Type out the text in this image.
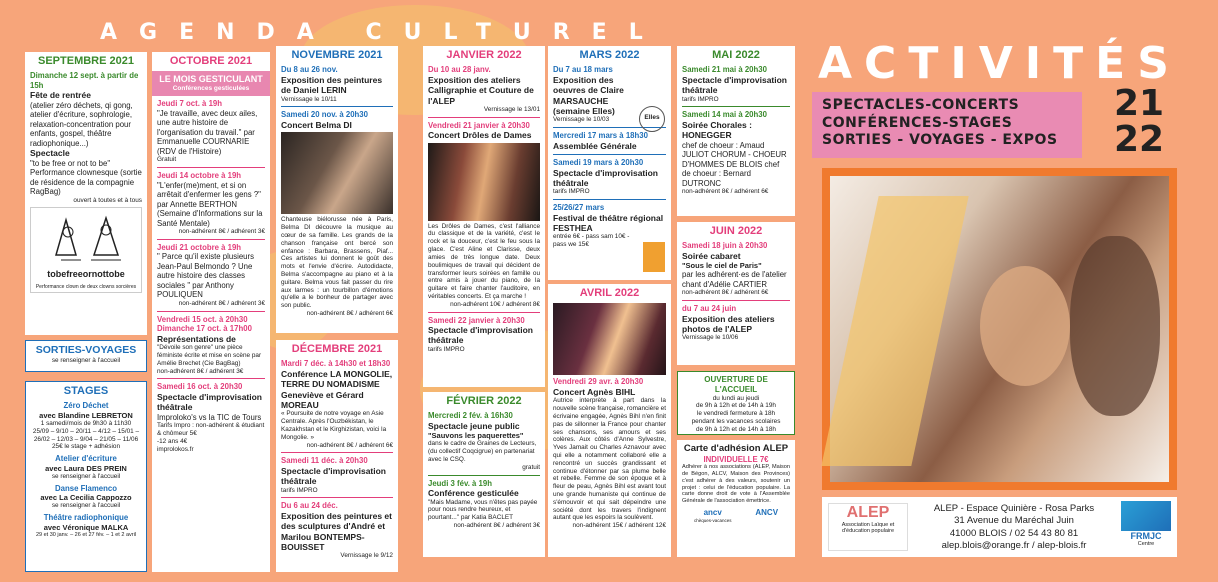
AGENDA CULTUREL
SEPTEMBRE 2021
Dimanche 12 sept. à partir de 15h
Fête de rentrée
(atelier zéro déchets, qi gong, atelier d'écriture, sophrologie, relaxation-concentration pour enfants, gospel, théâtre radiophonique...)
Spectacle
"to be free or not to be"
Performance clownesque (sortie de résidence de la compagnie RagBag)
ouvert à toutes et à tous
tobefreeornottobe
Performance clown de deux clowns sorcières
SORTIES-VOYAGES
se renseigner à l'accueil
STAGES
Zéro Déchet
avec Blandine LEBRETON
1 samedi/mois de 9h30 à 11h30
25/09 – 9/10 – 20/11 – 4/12 – 15/01 – 26/02 – 12/03 – 9/04 – 21/05 – 11/06
25€ le stage + adhésion
Atelier d'écriture
avec Laura DES PREIN
se renseigner à l'accueil
Danse Flamenco
avec La Cecilia Cappozzo
se renseigner à l'accueil
Théâtre radiophonique
avec Véronique MALKA
29 et 30 janv. – 26 et 27 fév. – 1 et 2 avril
OCTOBRE 2021
LE MOIS GESTICULANT
Conférences gesticulées
Jeudi 7 oct. à 19h
"Je travaille, avec deux ailes, une autre histoire de l'organisation du travail." par Emmanuelle COURNARIE (RDV de l'Histoire)
Gratuit
Jeudi 14 octobre à 19h
"L'enfer(me)ment, et si on arrêtait d'enfermer les gens ?" par Annette BERTHON (Semaine d'Informations sur la Santé Mentale)
non-adhérent 8€ / adhérent 3€
Jeudi 21 octobre à 19h
" Parce qu'il existe plusieurs Jean-Paul Belmondo ? Une autre histoire des classes sociales " par Anthony POULIQUEN
non-adhérent 8€ / adhérent 3€
Vendredi 15 oct. à 20h30 Dimanche 17 oct. à 17h00
Représentations de
"Dévoile son genre" une pièce féministe écrite et mise en scène par Amélie Brechet (Cie BagBag)
non-adhérent 8€ / adhérent 3€
Samedi 16 oct. à 20h30
Spectacle d'improvisation théâtrale
Improloko's vs la TIC de Tours
Tarifs Impro : non-adhérent & étudiant & chômeur 5€
-12 ans 4€
improlokos.fr
NOVEMBRE 2021
Du 8 au 26 nov.
Exposition des peintures de Daniel LERIN
Vernissage le 10/11
Samedi 20 nov. à 20h30
Concert Belma DI
Chanteuse biélorusse née à Paris, Belma DI découvre la musique au cœur de sa famille. Les grands de la chanson française ont bercé son enfance : Barbara, Brassens, Piaf... Ces artistes lui donnent le goût des mots et l'envie d'écrire. Autodidacte, Belma s'accompagne au piano et à la guitare. Belma vous fait passer du rire aux larmes : un tourbillon d'émotions qu'elle a le bonheur de partager avec son public.
non-adhérent 8€ / adhérent 6€
DÉCEMBRE 2021
Mardi 7 déc. à 14h30 et 18h30
Conférence LA MONGOLIE, TERRE DU NOMADISME Geneviève et Gérard MOREAU
« Poursuite de notre voyage en Asie Centrale. Après l'Ouzbékistan, le Kazakhstan et le Kirghizistan, voici la Mongolie. »
non-adhérent 8€ / adhérent 6€
Samedi 11 déc. à 20h30
Spectacle d'improvisation théâtrale
tarifs IMPRO
Du 6 au 24 déc.
Exposition des peintures et des sculptures d'André et Marilou BONTEMPS-BOUISSET
Vernissage le 9/12
JANVIER 2022
Du 10 au 28 janv.
Exposition des ateliers Calligraphie et Couture de l'ALEP
Vernissage le 13/01
Vendredi 21 janvier à 20h30
Concert Drôles de Dames
Les Drôles de Dames, c'est l'alliance du classique et de la variété, c'est le rock et la douceur, c'est le feu sous la glace. C'est Aline et Clarisse, deux amies de très longue date. Deux boulimiques de travail qui décident de transformer leurs soirées en famille ou entre amis à jouer du piano, de la guitare et faire chanter l'auditoire, en véritables concerts. Et ça marche !
non-adhérent 10€ / adhérent 8€
Samedi 22 janvier à 20h30
Spectacle d'improvisation théâtrale
tarifs IMPRO
FÉVRIER 2022
Mercredi 2 fév. à 16h30
Spectacle jeune public
"Sauvons les paquerettes"
dans le cadre de Graines de Lecteurs, (du collectif Coqcigrue) en partenariat avec le CSQ.
gratuit
Jeudi 3 fév. à 19h
Conférence gesticulée
"Mais Madame, vous n'êtes pas payée pour nous rendre heureux, et pourtant..." par Katia BACLET
non-adhérent 8€ / adhérent 3€
MARS 2022
Du 7 au 18 mars
Exposition des oeuvres de Claire MARSAUCHE (semaine Elles)
Vernissage le 10/03	Elles
Mercredi 17 mars à 18h30
Assemblée Générale
Samedi 19 mars à 20h30
Spectacle d'improvisation théâtrale
tarifs IMPRO
25/26/27 mars
Festival de théâtre régional FESTHEA
entrée 6€ - pass sam 10€ - pass we 15€
AVRIL 2022
Vendredi 29 avr. à 20h30
Concert Agnès BIHL
Autrice interprète à part dans la nouvelle scène française, romancière et écrivaine engagée, Agnès Bihl n'en finit pas de sillonner la France pour chanter ses chansons, ses amours et ses colères. Aux côtés d'Anne Sylvestre, Yves Jamait ou Charles Aznavour avec qui elle a notamment collaboré elle a rencontré un succès grandissant et continue d'étonner par sa plume belle et rebelle. Femme de son époque et à fleur de peau, Agnès Bihl est avant tout une grande humaniste qui continue de s'émouvoir et qui sait dépeindre une société dont les travers l'indignent autant que les espoirs la soulèvent.
non-adhérent 15€ / adhérent 12€
MAI 2022
Samedi 21 mai à 20h30
Spectacle d'improvisation théâtrale
tarifs IMPRO
Samedi 14 mai à 20h30
Soirée Chorales : HONEGGER
chef de choeur : Amaud JULIOT CHORUM - CHOEUR D'HOMMES DE BLOIS chef de choeur : Bernard DUTRONC
non-adhérent 8€ / adhérent 6€
JUIN 2022
Samedi 18 juin à 20h30
Soirée cabaret
"Sous le ciel de Paris"
par les adhérent·es de l'atelier chant d'Adélie CARTIER
non-adhérent 8€ / adhérent 6€
du 7 au 24 juin
Exposition des ateliers photos de l'ALEP
Vernissage le 10/06
OUVERTURE DE L'ACCUEIL
du lundi au jeudi
de 9h à 12h et de 14h à 19h
le vendredi fermeture à 18h
pendant les vacances scolaires
de 9h à 12h et de 14h à 18h
Carte d'adhésion ALEP
INDIVIDUELLE 7€
Adhérer à nos associations (ALEP, Maison de Bégon, ALCV, Maison des Provinces) c'est adhérer à des valeurs, soutenir un projet : celui de l'éducation populaire. La carte donne droit de vote à l'Assemblée Générale de l'association émettrice.
ancv
chèques-vacances
ANCV
ACTIVITÉS
SPECTACLES-CONCERTS
CONFÉRENCES-STAGES
SORTIES - VOYAGES - EXPOS
21
22
ALEP
Association Laïque et d'éducation populaire
ALEP - Espace Quinière - Rosa Parks
31 Avenue du Maréchal Juin
41000 BLOIS / 02 54 43 80 81
alep.blois@orange.fr / alep-blois.fr
FRMJC
Centre
